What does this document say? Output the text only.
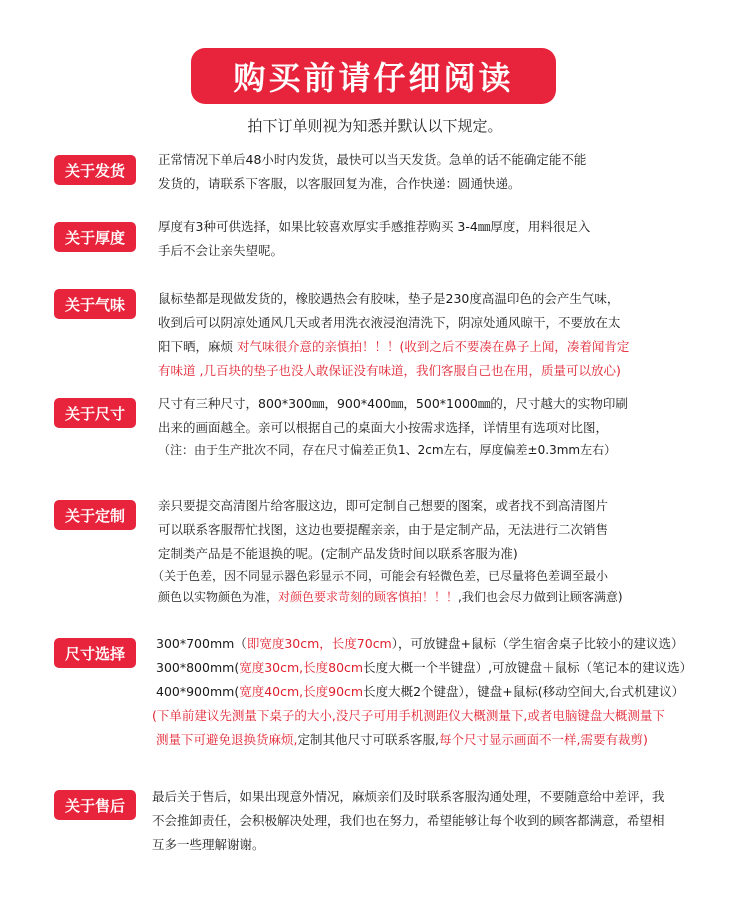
购买前请仔细阅读
拍下订单则视为知悉并默认以下规定。
关于发货
正常情况下单后48小时内发货，最快可以当天发货。急单的话不能确定能不能
发货的，请联系下客服，以客服回复为准，合作快递：圆通快递。
关于厚度
厚度有3种可供选择，如果比较喜欢厚实手感推荐购买 3-4㎜厚度，用料很足入
手后不会让亲失望呢。
关于气味	鼠标垫都是现做发货的，橡胶遇热会有胶味，垫子是230度高温印色的会产生气味，
收到后可以阴凉处通风几天或者用洗衣液浸泡清洗下，阴凉处通风晾干，不要放在太
阳下晒，麻烦 对气味很介意的亲慎拍！！！(收到之后不要凑在鼻子上闻，凑着闻肯定
有味道 ,几百块的垫子也没人敢保证没有味道，我们客服自己也在用，质量可以放心)
关于尺寸
尺寸有三种尺寸，800*300㎜，900*400㎜，500*1000㎜的，尺寸越大的实物印刷
出来的画面越全。亲可以根据自己的桌面大小按需求选择，详情里有选项对比图，
（注：由于生产批次不同，存在尺寸偏差正负1、2cm左右，厚度偏差±0.3mm左右）
关于定制
亲只要提交高清图片给客服这边，即可定制自己想要的图案，或者找不到高清图片
可以联系客服帮忙找图，这边也要提醒亲亲，由于是定制产品，无法进行二次销售
定制类产品是不能退换的呢。(定制产品发货时间以联系客服为准)
（关于色差，因不同显示器色彩显示不同，可能会有轻微色差，已尽量将色差调至最小
颜色以实物颜色为准，对颜色要求苛刻的顾客慎拍！！！,我们也会尽力做到让顾客满意)
尺寸选择
300*700mm（即宽度30cm，长度70cm），可放键盘+鼠标（学生宿舍桌子比较小的建议选）
300*800mm(宽度30cm,长度80cm长度大概一个半键盘）,可放键盘＋鼠标（笔记本的建议选）
400*900mm(宽度40cm,长度90cm长度大概2个键盘），键盘+鼠标(移动空间大,台式机建议）
(下单前建议先测量下桌子的大小,没尺子可用手机测距仪大概测量下,或者电脑键盘大概测量下
测量下可避免退换货麻烦,定制其他尺寸可联系客服,每个尺寸显示画面不一样,需要有裁剪)
关于售后 最后关于售后，如果出现意外情况，麻烦亲们及时联系客服沟通处理，不要随意给中差评，我
不会推卸责任，会积极解决处理，我们也在努力，希望能够让每个收到的顾客都满意，希望相
互多一些理解谢谢。
